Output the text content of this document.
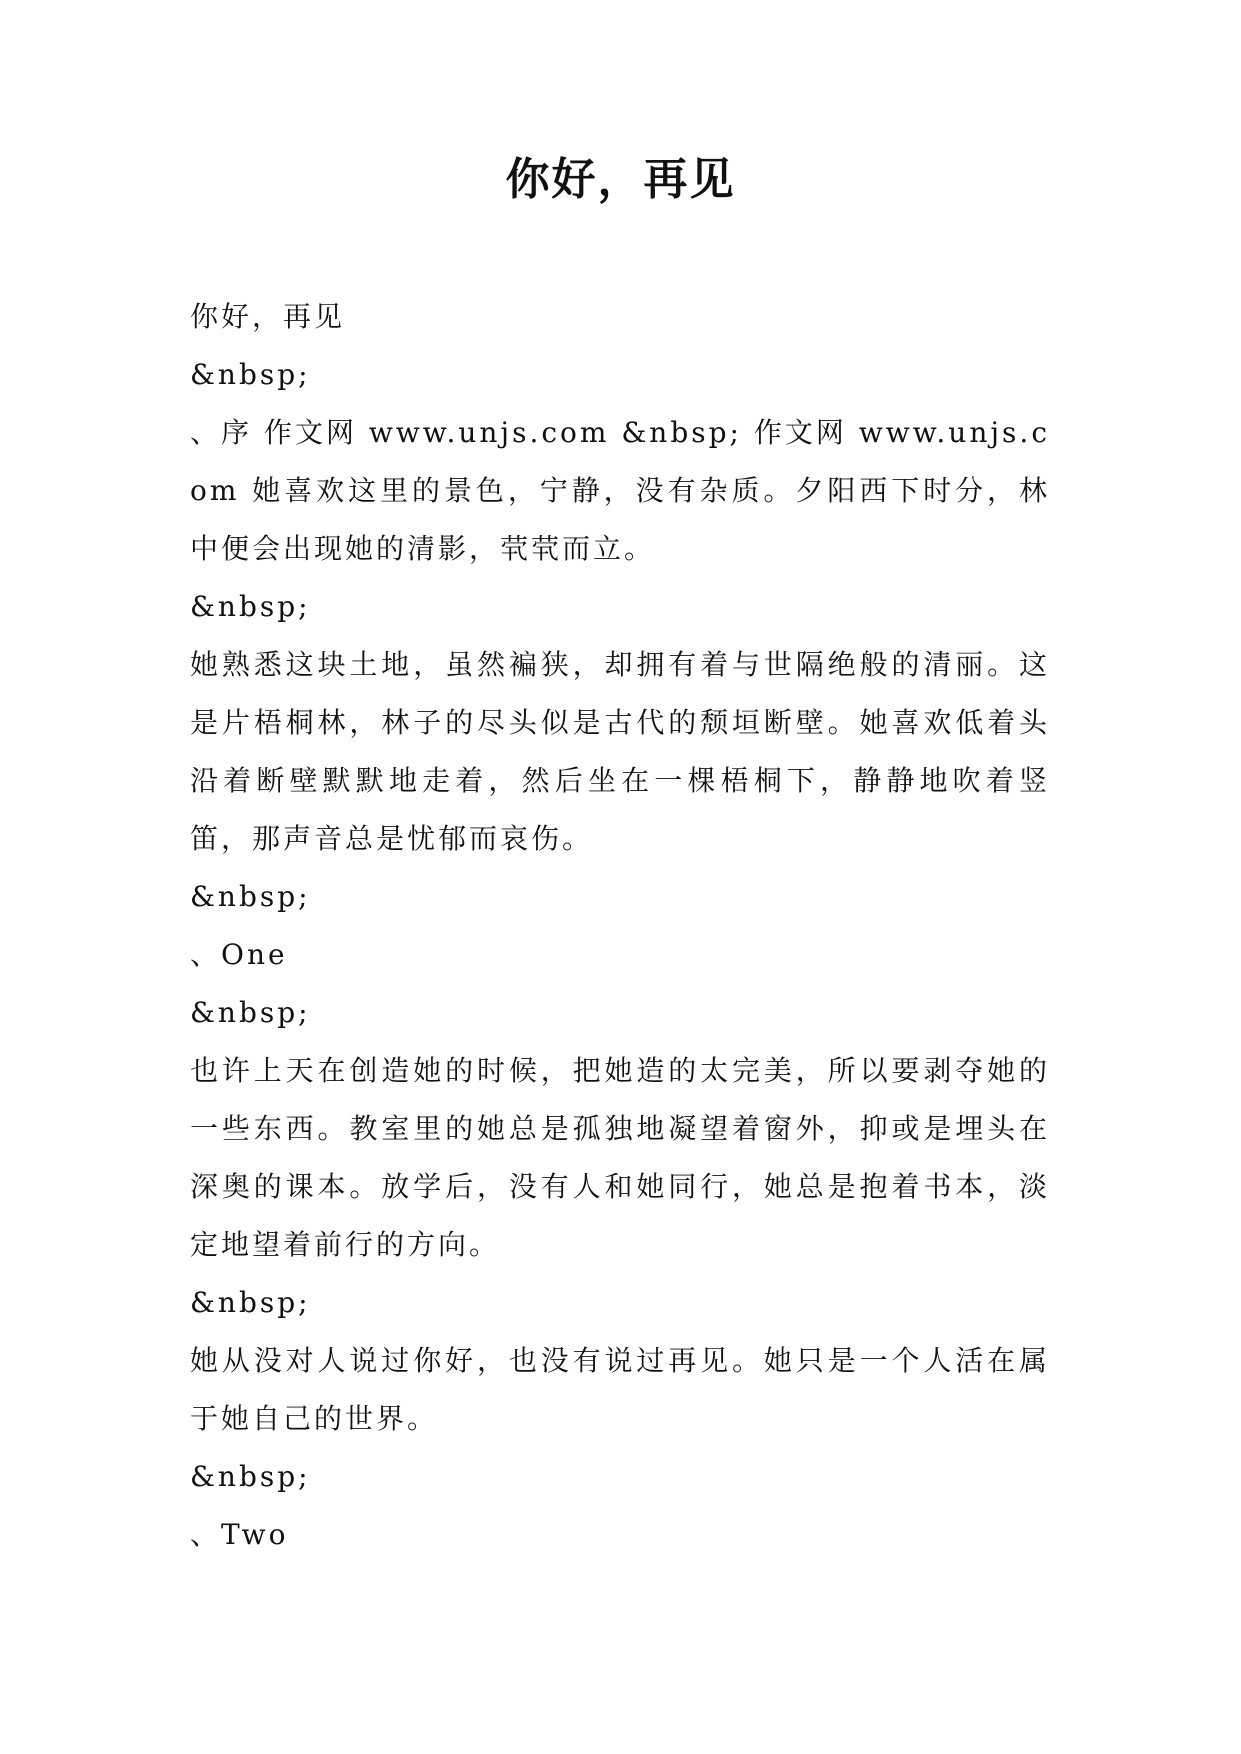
你好，再见

你好，再见

&nbsp;

、序 作文网 www.unjs.com &nbsp; 作文网 www.unjs.com 她喜欢这里的景色，宁静，没有杂质。夕阳西下时分，林中便会出现她的清影，茕茕而立。

&nbsp;

她熟悉这块土地，虽然褊狭，却拥有着与世隔绝般的清丽。这是片梧桐林，林子的尽头似是古代的颓垣断壁。她喜欢低着头沿着断壁默默地走着，然后坐在一棵梧桐下，静静地吹着竖笛，那声音总是忧郁而哀伤。

&nbsp;

、One

&nbsp;

也许上天在创造她的时候，把她造的太完美，所以要剥夺她的一些东西。教室里的她总是孤独地凝望着窗外，抑或是埋头在深奥的课本。放学后，没有人和她同行，她总是抱着书本，淡定地望着前行的方向。

&nbsp;

她从没对人说过你好，也没有说过再见。她只是一个人活在属于她自己的世界。

&nbsp;

、Two
